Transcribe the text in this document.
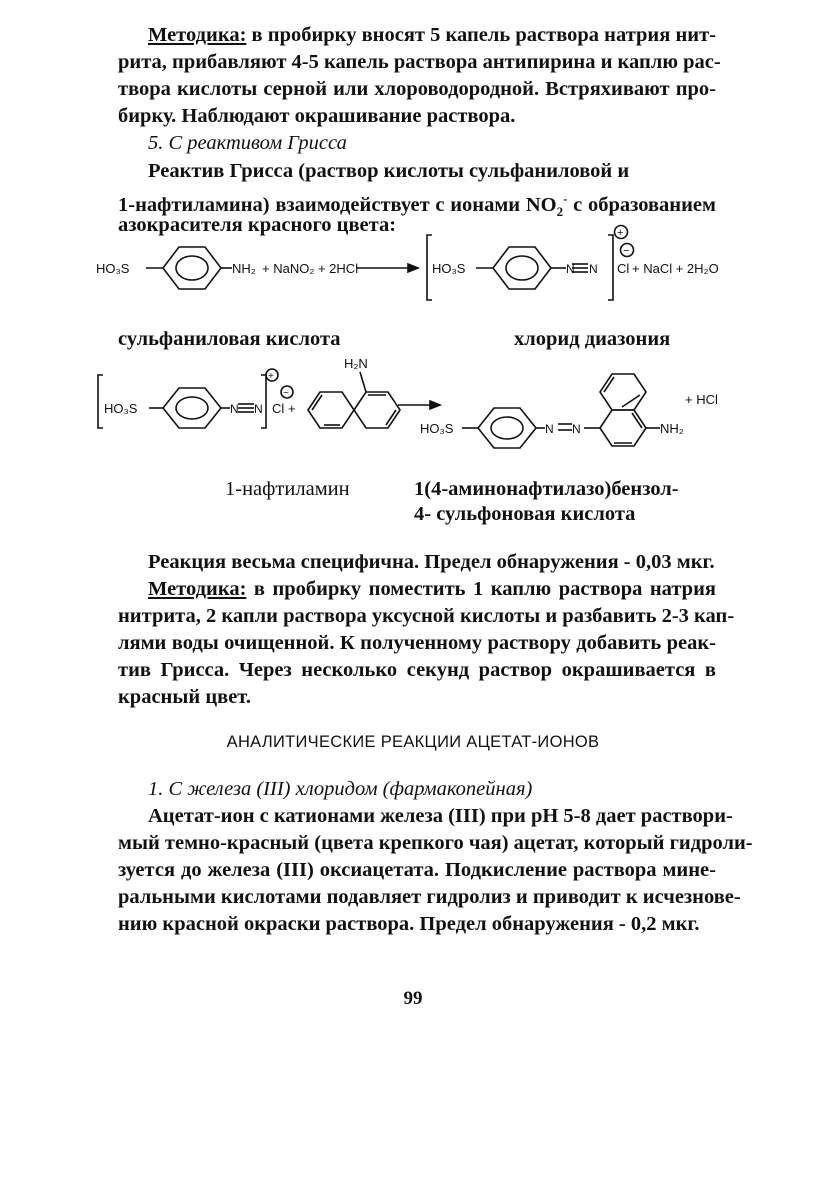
Методика: в пробирку вносят 5 капель раствора натрия нит-
рита, прибавляют 4-5 капель раствора антипирина и каплю рас-
твора кислоты серной или хлороводородной. Встряхивают про-
бирку. Наблюдают окрашивание раствора.
5. С реактивом Грисса
Реактив Грисса (раствор кислоты сульфаниловой и
1-нафтиламина) взаимодействует с ионами $NO_2^-$ с образованием
азокрасителя красного цвета:
HO₃S	NH₂ + NaNO₂ + 2HCl	HO₃S	N N
+
−
Cl + NaCl + 2H₂O
HO₃S	N N
+
−
Cl +
H₂N
HO₃S	N N	NH₂
+ HCl
сульфаниловая кислота	хлорид диазония
1-нафтиламин	1(4-аминонафтилазо)бензол-
4- сульфоновая кислота
Реакция весьма специфична. Предел обнаружения - 0,03 мкг.
Методика: в пробирку поместить 1 каплю раствора натрия
нитрита, 2 капли раствора уксусной кислоты и разбавить 2-3 кап-
лями воды очищенной. К полученному раствору добавить реак-
тив Грисса. Через несколько секунд раствор окрашивается в
красный цвет.
АНАЛИТИЧЕСКИЕ РЕАКЦИИ АЦЕТАТ-ИОНОВ
1. С железа (III) хлоридом (фармакопейная)
Ацетат-ион с катионами железа (III) при pH 5-8 дает раствори-
мый темно-красный (цвета крепкого чая) ацетат, который гидроли-
зуется до железа (III) оксиацетата. Подкисление раствора мине-
ральными кислотами подавляет гидролиз и приводит к исчезнове-
нию красной окраски раствора. Предел обнаружения - 0,2 мкг.
99
